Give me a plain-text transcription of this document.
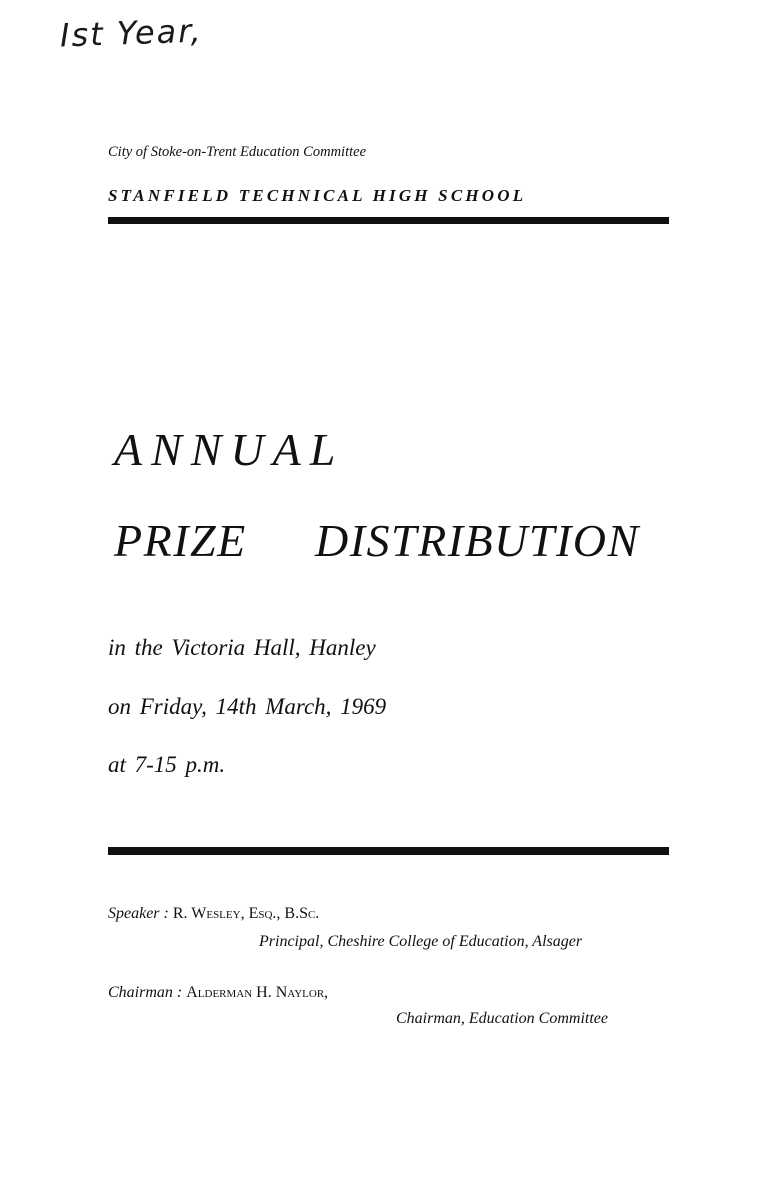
Ist Year,
City of Stoke-on-Trent Education Committee
STANFIELD TECHNICAL HIGH SCHOOL
ANNUAL
PRIZE DISTRIBUTION
in the Victoria Hall, Hanley
on Friday, 14th March, 1969
at 7-15 p.m.
Speaker : R. Wesley, Esq., B.Sc.
Principal, Cheshire College of Education, Alsager
Chairman : Alderman H. Naylor,
Chairman, Education Committee
